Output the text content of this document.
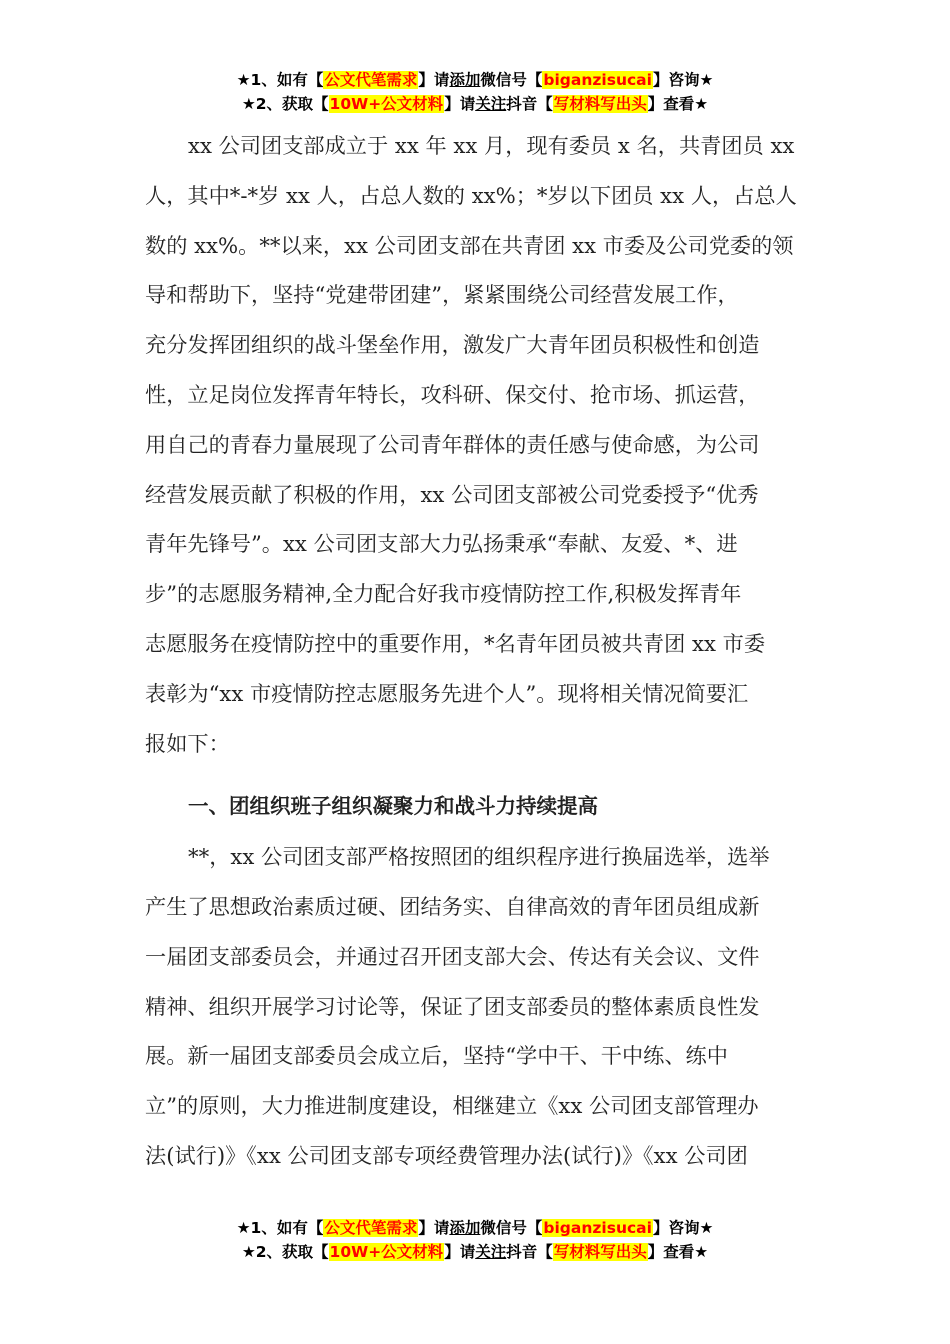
★1、如有【公文代笔需求】请添加微信号【biganzisucai】咨询★
★2、获取【10W+公文材料】请关注抖音【写材料写出头】查看★
xx 公司团支部成立于 xx 年 xx 月，现有委员 x 名，共青团员 xx
人，其中*-*岁 xx 人，占总人数的 xx%；*岁以下团员 xx 人，占总人
数的 xx%。**以来，xx 公司团支部在共青团 xx 市委及公司党委的领
导和帮助下，坚持“党建带团建”，紧紧围绕公司经营发展工作，
充分发挥团组织的战斗堡垒作用，激发广大青年团员积极性和创造
性，立足岗位发挥青年特长，攻科研、保交付、抢市场、抓运营，
用自己的青春力量展现了公司青年群体的责任感与使命感，为公司
经营发展贡献了积极的作用，xx 公司团支部被公司党委授予“优秀
青年先锋号”。xx 公司团支部大力弘扬秉承“奉献、友爱、*、进
步”的志愿服务精神,全力配合好我市疫情防控工作,积极发挥青年
志愿服务在疫情防控中的重要作用，*名青年团员被共青团 xx 市委
表彰为“xx 市疫情防控志愿服务先进个人”。现将相关情况简要汇
报如下：
一、团组织班子组织凝聚力和战斗力持续提高
**，xx 公司团支部严格按照团的组织程序进行换届选举，选举
产生了思想政治素质过硬、团结务实、自律高效的青年团员组成新
一届团支部委员会，并通过召开团支部大会、传达有关会议、文件
精神、组织开展学习讨论等，保证了团支部委员的整体素质良性发
展。新一届团支部委员会成立后，坚持“学中干、干中练、练中
立”的原则，大力推进制度建设，相继建立《xx 公司团支部管理办
法(试行)》《xx 公司团支部专项经费管理办法(试行)》《xx 公司团
★1、如有【公文代笔需求】请添加微信号【biganzisucai】咨询★
★2、获取【10W+公文材料】请关注抖音【写材料写出头】查看★
